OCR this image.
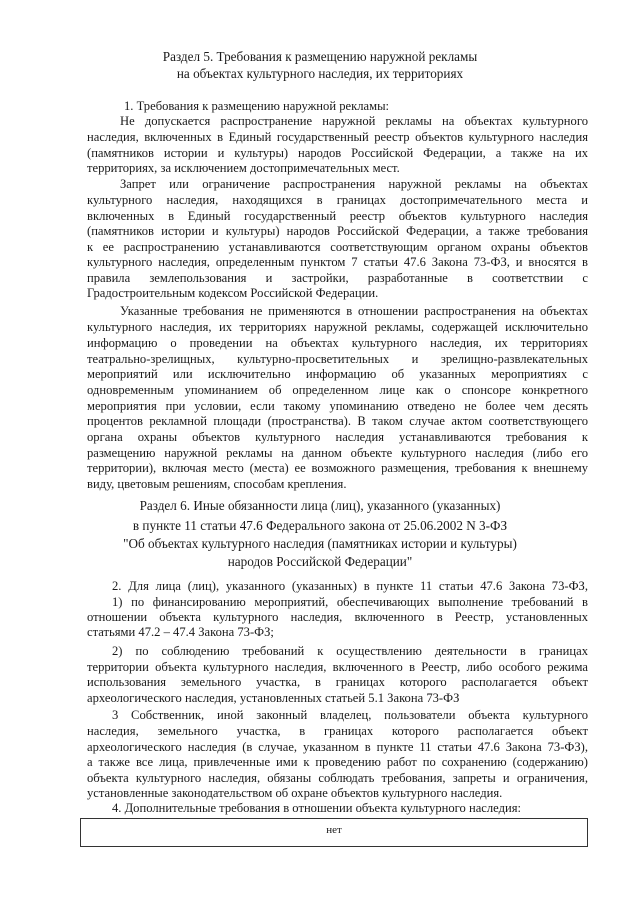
Раздел 5. Требования к размещению наружной рекламы
на объектах культурного наследия, их территориях
1. Требования к размещению наружной рекламы:
Не допускается распространение наружной рекламы на объектах культурного
наследия, включенных в Единый государственный реестр объектов культурного наследия
(памятников истории и культуры) народов Российской Федерации, а также на их
территориях, за исключением достопримечательных мест.
Запрет или ограничение распространения наружной рекламы на объектах
культурного наследия, находящихся в границах достопримечательного места и
включенных в Единый государственный реестр объектов культурного наследия
(памятников истории и культуры) народов Российской Федерации, а также требования
к ее распространению устанавливаются соответствующим органом охраны объектов
культурного наследия, определенным пунктом 7 статьи 47.6 Закона 73-ФЗ, и вносятся в
правила землепользования и застройки, разработанные в соответствии с
Градостроительным кодексом Российской Федерации.
Указанные требования не применяются в отношении распространения на объектах
культурного наследия, их территориях наружной рекламы, содержащей исключительно
информацию о проведении на объектах культурного наследия, их территориях
театрально-зрелищных, культурно-просветительных и зрелищно-развлекательных
мероприятий или исключительно информацию об указанных мероприятиях с
одновременным упоминанием об определенном лице как о спонсоре конкретного
мероприятия при условии, если такому упоминанию отведено не более чем десять
процентов рекламной площади (пространства). В таком случае актом соответствующего
органа охраны объектов культурного наследия устанавливаются требования к
размещению наружной рекламы на данном объекте культурного наследия (либо его
территории), включая место (места) ее возможного размещения, требования к внешнему
виду, цветовым решениям, способам крепления.
Раздел 6. Иные обязанности лица (лиц), указанного (указанных)
в пункте 11 статьи 47.6 Федерального закона от 25.06.2002 N 3-ФЗ
"Об объектах культурного наследия (памятниках истории и культуры)
народов Российской Федерации"
2. Для лица (лиц), указанного (указанных) в пункте 11 статьи 47.6 Закона 73-ФЗ,
1) по финансированию мероприятий, обеспечивающих выполнение требований в
отношении объекта культурного наследия, включенного в Реестр, установленных
статьями 47.2 – 47.4 Закона 73-ФЗ;
2) по соблюдению требований к осуществлению деятельности в границах
территории объекта культурного наследия, включенного в Реестр, либо особого режима
использования земельного участка, в границах которого располагается объект
археологического наследия, установленных статьей 5.1 Закона 73-ФЗ
3 Собственник, иной законный владелец, пользователи объекта культурного
наследия, земельного участка, в границах которого располагается объект
археологического наследия (в случае, указанном в пункте 11 статьи 47.6 Закона 73-ФЗ),
а также все лица, привлеченные ими к проведению работ по сохранению (содержанию)
объекта культурного наследия, обязаны соблюдать требования, запреты и ограничения,
установленные законодательством об охране объектов культурного наследия.
4. Дополнительные требования в отношении объекта культурного наследия:
нет
